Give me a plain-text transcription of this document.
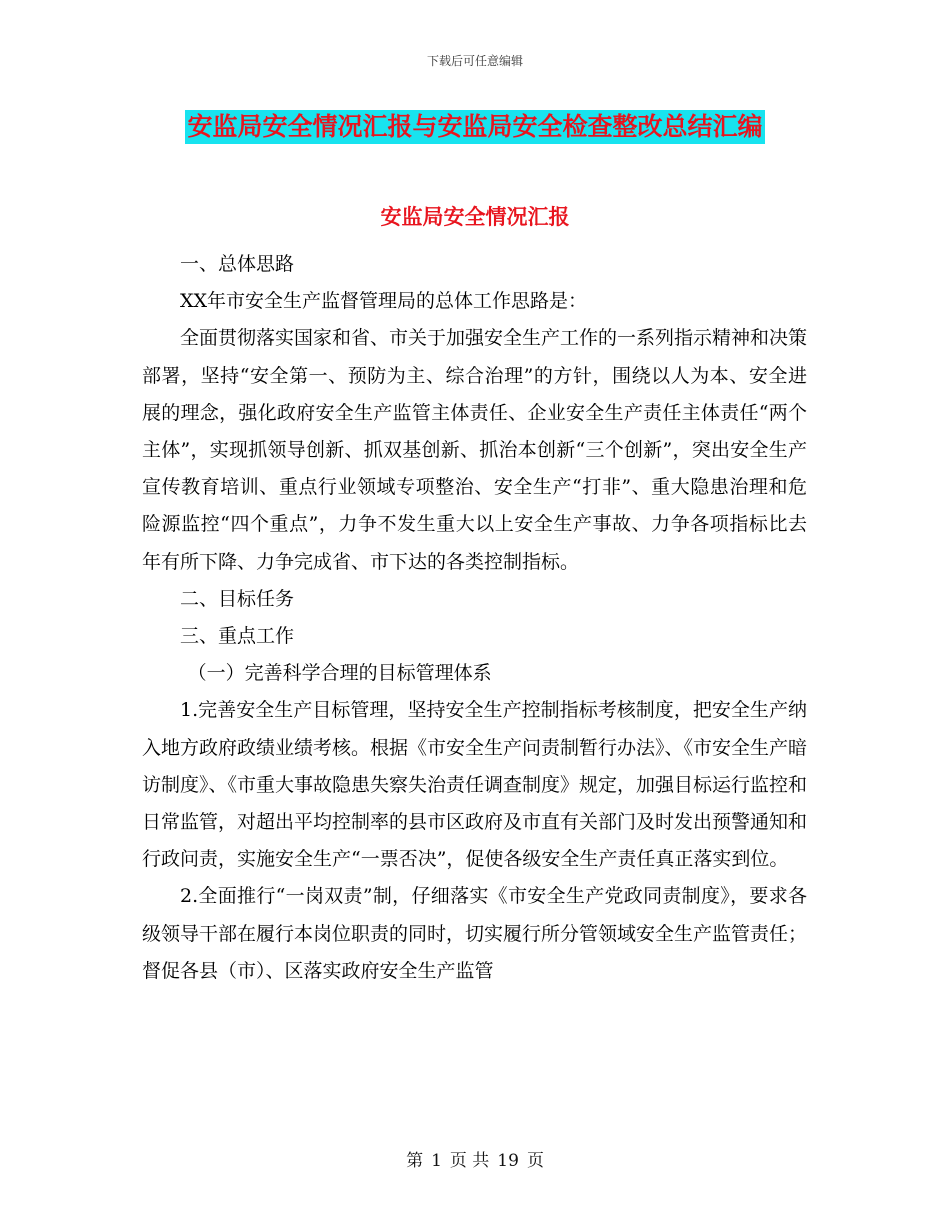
下载后可任意编辑
安监局安全情况汇报与安监局安全检查整改总结汇编
安监局安全情况汇报

一、总体思路

XX年市安全生产监督管理局的总体工作思路是：

全面贯彻落实国家和省、市关于加强安全生产工作的一系列指示精神和决策部署，坚持“安全第一、预防为主、综合治理”的方针，围绕以人为本、安全进展的理念，强化政府安全生产监管主体责任、企业安全生产责任主体责任“两个主体”，实现抓领导创新、抓双基创新、抓治本创新“三个创新”，突出安全生产宣传教育培训、重点行业领域专项整治、安全生产“打非”、重大隐患治理和危险源监控“四个重点”，力争不发生重大以上安全生产事故、力争各项指标比去年有所下降、力争完成省、市下达的各类控制指标。

二、目标任务

三、重点工作

（一）完善科学合理的目标管理体系

1.完善安全生产目标管理，坚持安全生产控制指标考核制度，把安全生产纳入地方政府政绩业绩考核。根据《市安全生产问责制暂行办法》、《市安全生产暗访制度》、《市重大事故隐患失察失治责任调查制度》规定，加强目标运行监控和日常监管，对超出平均控制率的县市区政府及市直有关部门及时发出预警通知和行政问责，实施安全生产“一票否决”，促使各级安全生产责任真正落实到位。

2.全面推行“一岗双责”制，仔细落实《市安全生产党政同责制度》，要求各级领导干部在履行本岗位职责的同时，切实履行所分管领域安全生产监管责任；督促各县（市）、区落实政府安全生产监管

第 1 页 共 19 页
